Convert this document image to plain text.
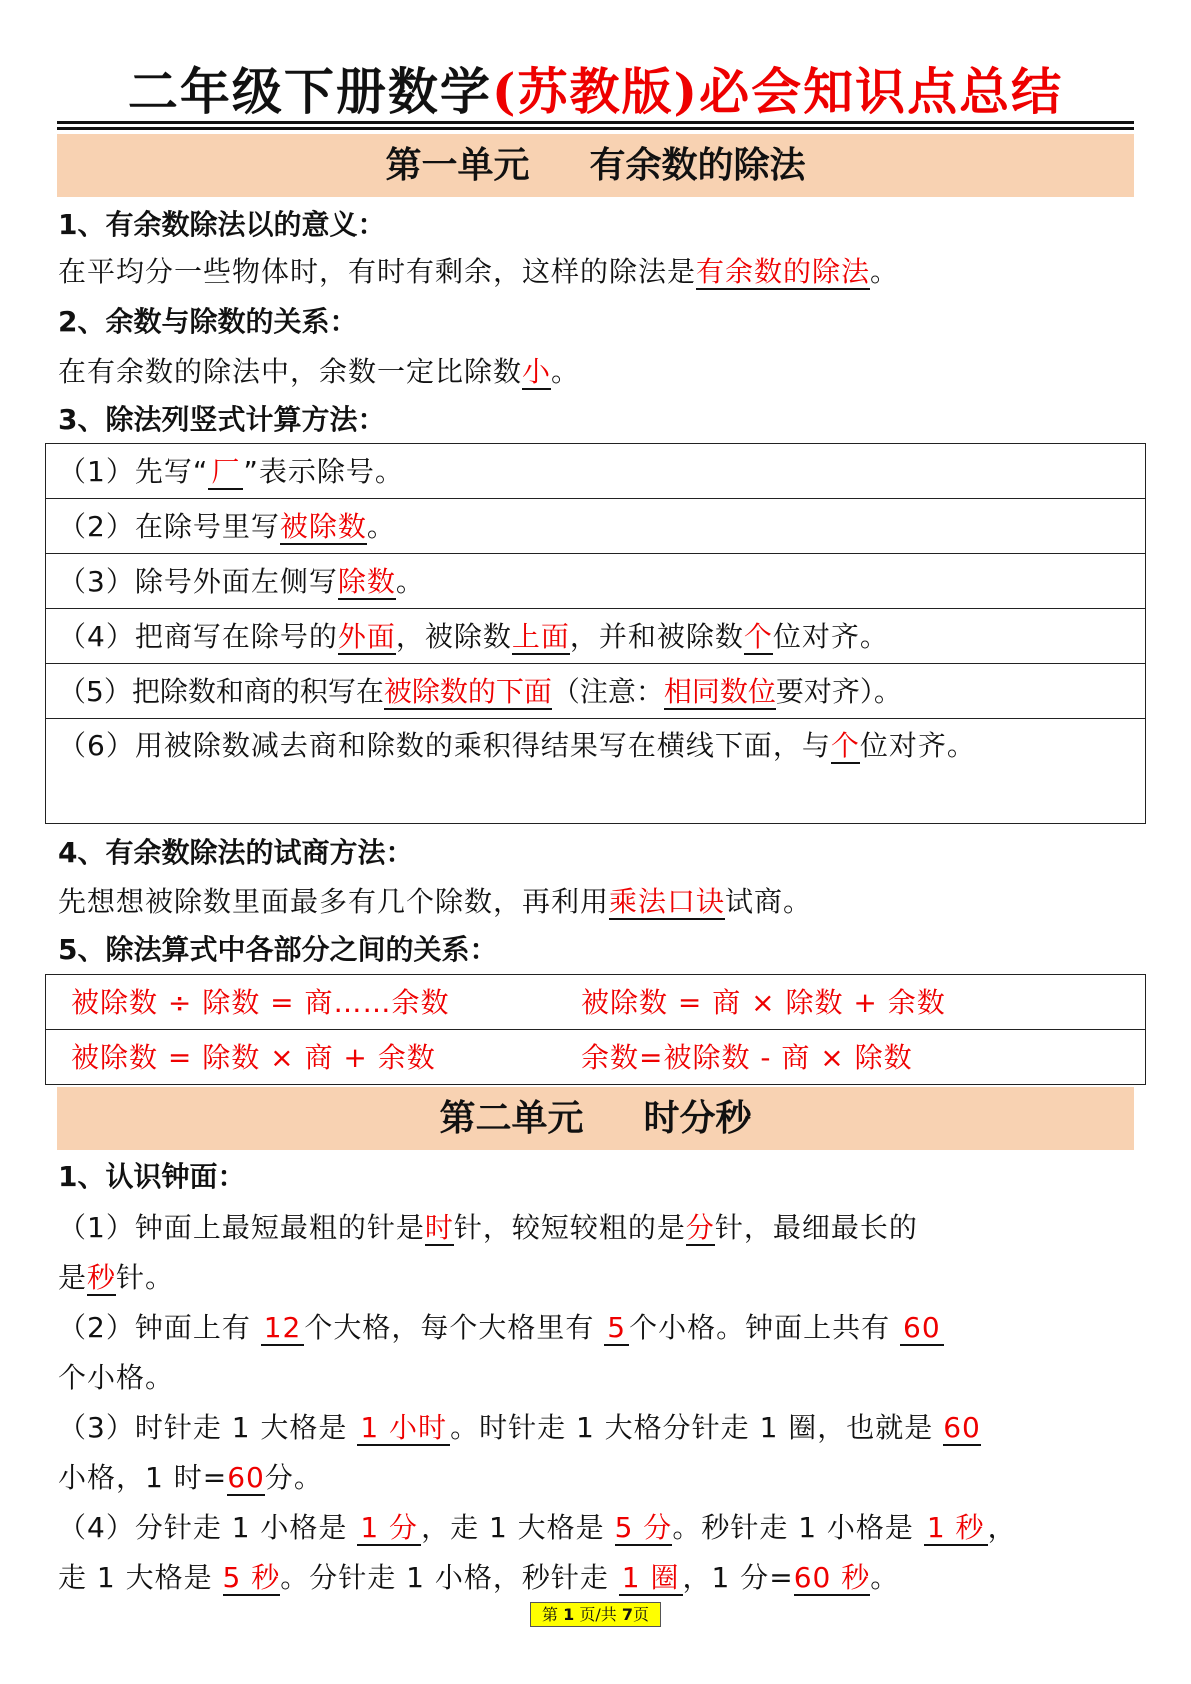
二年级下册数学(苏教版)必会知识点总结
第一单元 有余数的除法
1、有余数除法以的意义：
在平均分一些物体时，有时有剩余，这样的除法是有余数的除法。
2、余数与除数的关系：
在有余数的除法中，余数一定比除数小。
3、除法列竖式计算方法：
（1）先写“ 厂 ”表示除号。
（2）在除号里写被除数。
（3）除号外面左侧写除数。
（4）把商写在除号的外面，被除数上面，并和被除数个位对齐。
（5）把除数和商的积写在被除数的下面（注意：相同数位要对齐）。
（6）用被除数减去商和除数的乘积得结果写在横线下面，与个位对齐。
4、有余数除法的试商方法：
先想想被除数里面最多有几个除数，再利用乘法口诀试商。
5、除法算式中各部分之间的关系：
被除数 ÷ 除数 = 商……余数	被除数 = 商 × 除数 + 余数
被除数 = 除数 × 商 + 余数	余数=被除数 - 商 × 除数
第二单元 时分秒
1、认识钟面：
（1）钟面上最短最粗的针是时针，较短较粗的是分针，最细最长的
是秒针。
（2）钟面上有 12 个大格，每个大格里有 5 个小格。钟面上共有 60
个小格。
（3）时针走 1 大格是 1 小时 。时针走 1 大格分针走 1 圈，也就是 60
小格，1 时=60分。
（4）分针走 1 小格是 1 分 ，走 1 大格是 5 分。秒针走 1 小格是 1 秒 ，
走 1 大格是 5 秒。分针走 1 小格，秒针走 1 圈 ，1 分=60 秒。
第 1 页/共 7页
